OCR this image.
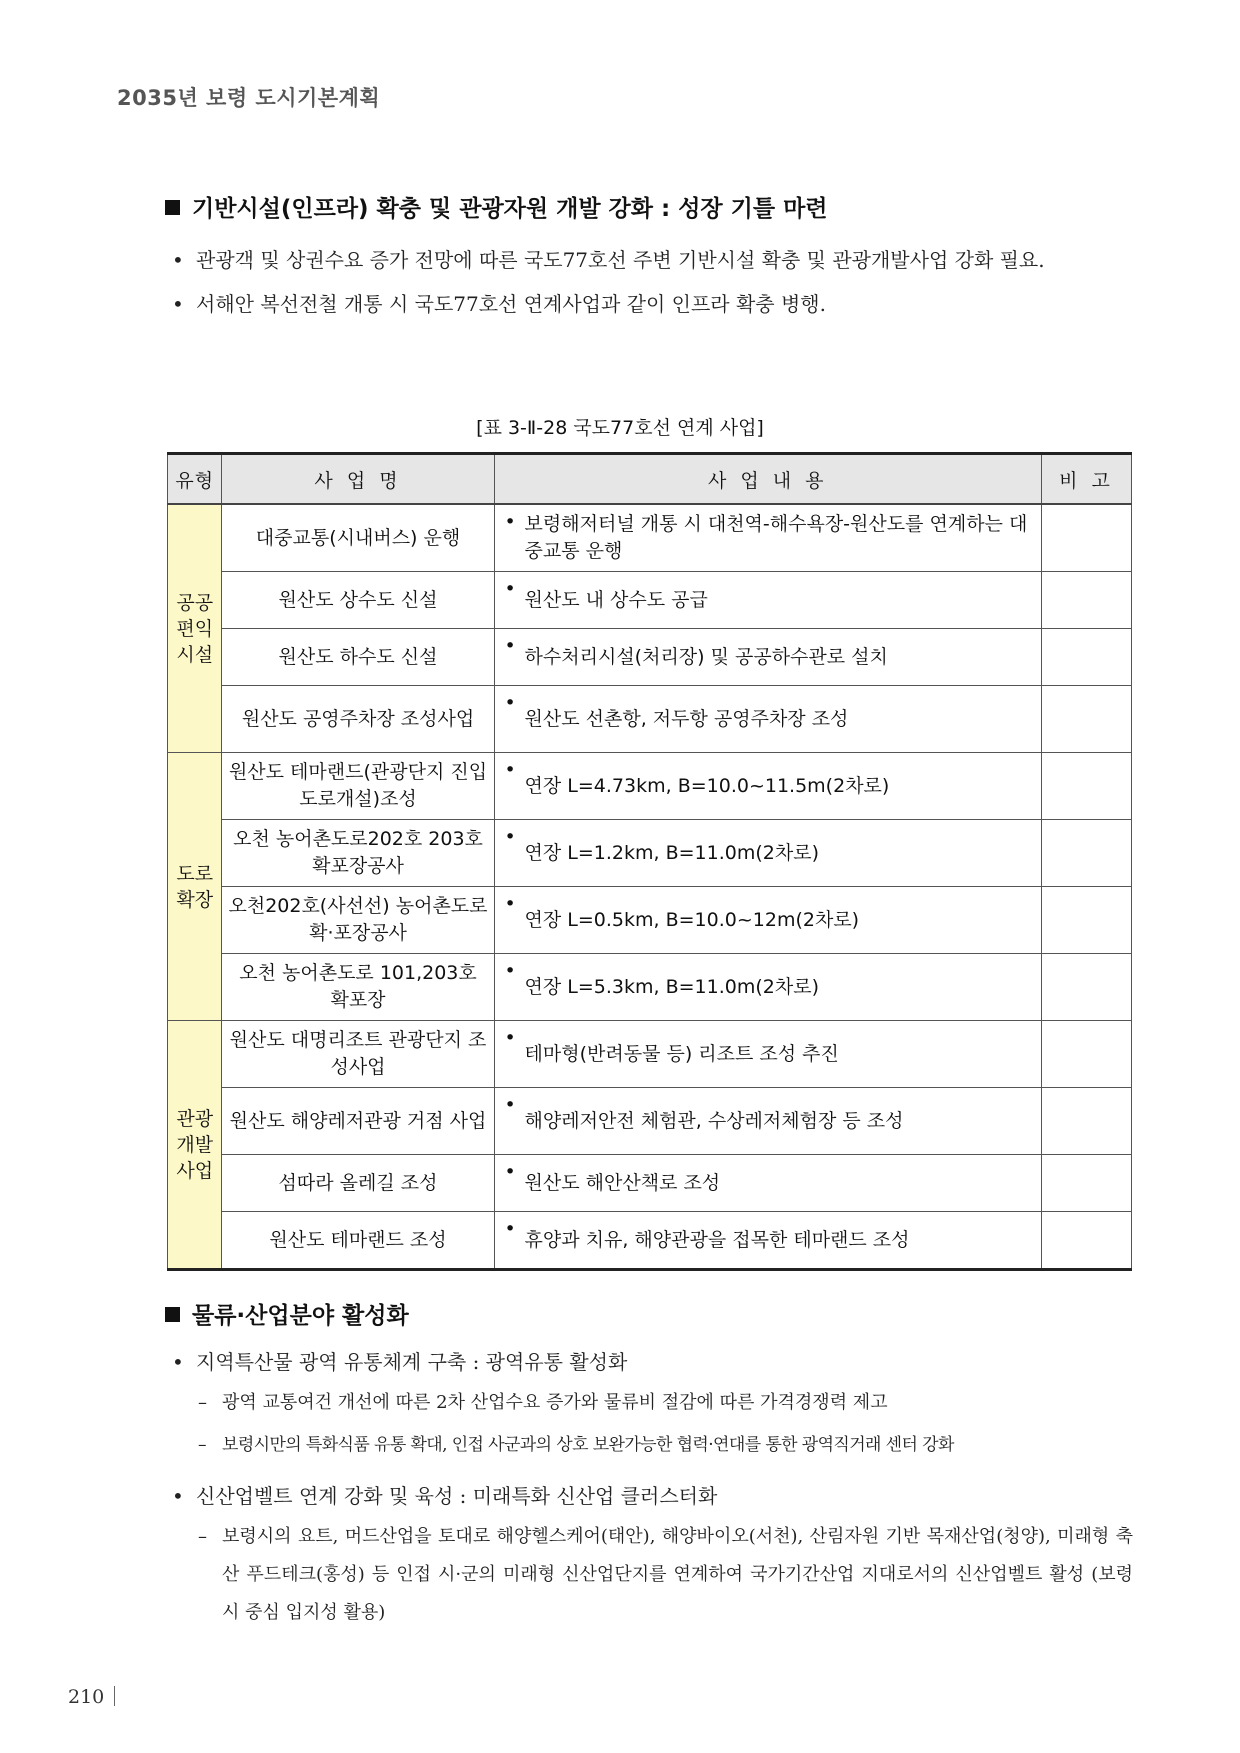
2035년 보령 도시기본계획
기반시설(인프라) 확충 및 관광자원 개발 강화 : 성장 기틀 마련
• 관광객 및 상권수요 증가 전망에 따른 국도77호선 주변 기반시설 확충 및 관광개발사업 강화 필요.
• 서해안 복선전철 개통 시 국도77호선 연계사업과 같이 인프라 확충 병행.
[표 3-Ⅱ-28 국도77호선 연계 사업]
유형	사 업 명	사 업 내 용	비 고

공공
편익
시설	대중교통(시내버스) 운행	• 보령해저터널 개통 시 대천역-해수욕장-원산도를 연계하는 대중교통 운행	
	원산도 상수도 신설	• 원산도 내 상수도 공급	
	원산도 하수도 신설	• 하수처리시설(처리장) 및 공공하수관로 설치	
	원산도 공영주차장 조성사업	• 원산도 선촌항, 저두항 공영주차장 조성	

도로
확장	원산도 테마랜드(관광단지 진입도로개설)조성	• 연장 L=4.73km, B=10.0~11.5m(2차로)	
	오천 농어촌도로202호 203호확포장공사	• 연장 L=1.2km, B=11.0m(2차로)	
	오천202호(사선선) 농어촌도로확·포장공사	• 연장 L=0.5km, B=10.0~12m(2차로)	
	오천 농어촌도로 101,203호 확포장	• 연장 L=5.3km, B=11.0m(2차로)	

관광
개발
사업	원산도 대명리조트 관광단지 조성사업	• 테마형(반려동물 등) 리조트 조성 추진	
	원산도 해양레저관광 거점 사업	• 해양레저안전 체험관, 수상레저체험장 등 조성	
	섬따라 올레길 조성	• 원산도 해안산책로 조성	
	원산도 테마랜드 조성	• 휴양과 치유, 해양관광을 접목한 테마랜드 조성	
물류·산업분야 활성화
• 지역특산물 광역 유통체계 구축 : 광역유통 활성화
– 광역 교통여건 개선에 따른 2차 산업수요 증가와 물류비 절감에 따른 가격경쟁력 제고
– 보령시만의 특화식품 유통 확대, 인접 사군과의 상호 보완가능한 협력·연대를 통한 광역직거래 센터 강화
• 신산업벨트 연계 강화 및 육성 : 미래특화 신산업 클러스터화
– 보령시의 요트, 머드산업을 토대로 해양헬스케어(태안), 해양바이오(서천), 산림자원 기반 목재산업(청양), 미래형 축산 푸드테크(홍성) 등 인접 시·군의 미래형 신산업단지를 연계하여 국가기간산업 지대로서의 신산업벨트 활성 (보령시 중심 입지성 활용)
210
